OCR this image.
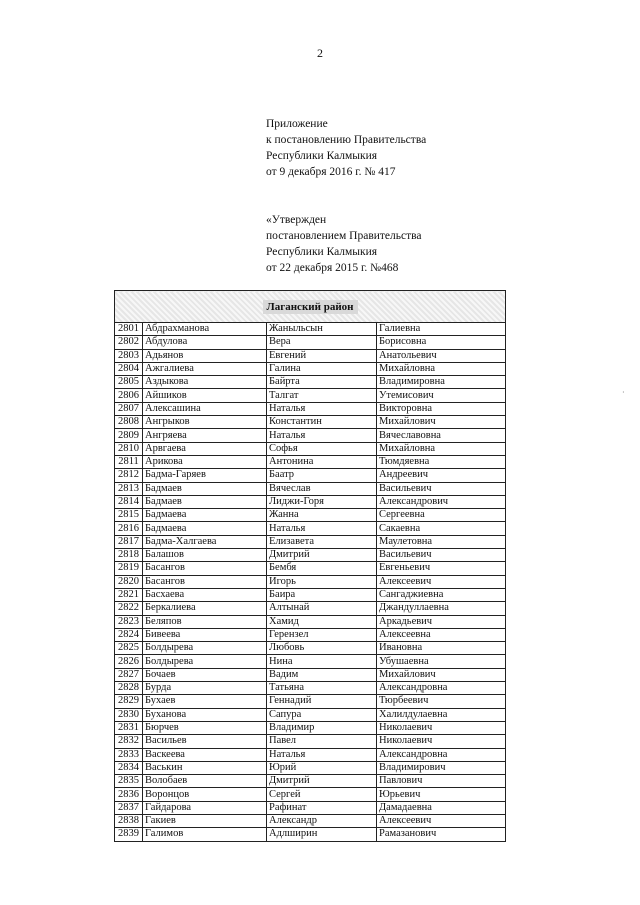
2
Приложение
к постановлению Правительства
Республики Калмыкия
от 9 декабря 2016 г. № 417
«Утвержден
постановлением Правительства
Республики Калмыкия
от 22 декабря 2015 г. №468
Лаганский район			
2801	Абдрахманова	Жаныльсын	Галиевна
2802	Абдулова	Вера	Борисовна
2803	Адьянов	Евгений	Анатольевич
2804	Ажгалиева	Галина	Михайловна
2805	Аздыкова	Байрта	Владимировна
2806	Айшиков	Талгат	Утемисович
2807	Алексашина	Наталья	Викторовна
2808	Ангрыков	Константин	Михайлович
2809	Ангряева	Наталья	Вячеславовна
2810	Арвгаева	Софья	Михайловна
2811	Арикова	Антонина	Тюмдяевна
2812	Бадма-Гаряев	Баатр	Андреевич
2813	Бадмаев	Вячеслав	Васильевич
2814	Бадмаев	Лиджи-Горя	Александрович
2815	Бадмаева	Жанна	Сергеевна
2816	Бадмаева	Наталья	Сакаевна
2817	Бадма-Халгаева	Елизавета	Маулетовна
2818	Балашов	Дмитрий	Васильевич
2819	Басангов	Бембя	Евгеньевич
2820	Басангов	Игорь	Алексеевич
2821	Басхаева	Баира	Сангаджиевна
2822	Беркалиева	Алтынай	Джандуллаевна
2823	Беляпов	Хамид	Аркадьевич
2824	Бивеева	Герензел	Алексеевна
2825	Болдырева	Любовь	Ивановна
2826	Болдырева	Нина	Убушаевна
2827	Бочаев	Вадим	Михайлович
2828	Бурда	Татьяна	Александровна
2829	Бухаев	Геннадий	Тюрбеевич
2830	Буханова	Сапура	Халилдулаевна
2831	Бюрчев	Владимир	Николаевич
2832	Васильев	Павел	Николаевич
2833	Васкеева	Наталья	Александровна
2834	Васькин	Юрий	Владимирович
2835	Волобаев	Дмитрий	Павлович
2836	Воронцов	Сергей	Юрьевич
2837	Гайдарова	Рафинат	Дамадаевна
2838	Гакиев	Александр	Алексеевич
2839	Галимов	Адлширин	Рамазанович
·
